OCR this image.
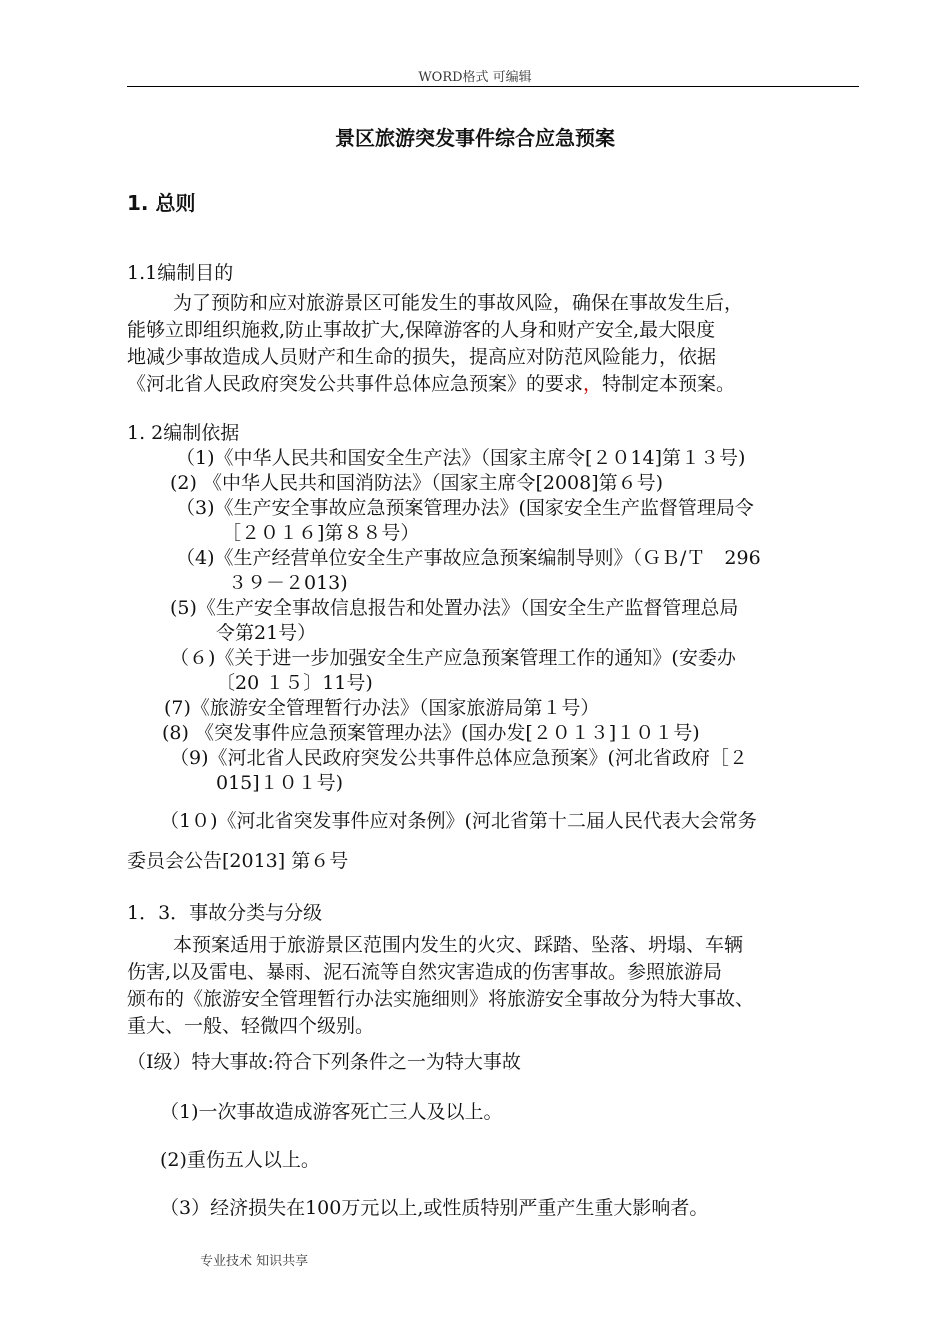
WORD格式 可编辑
景区旅游突发事件综合应急预案
1. 总则
1.1编制目的
为了预防和应对旅游景区可能发生的事故风险，确保在事故发生后，
能够立即组织施救,防止事故扩大,保障游客的人身和财产安全,最大限度
地减少事故造成人员财产和生命的损失，提高应对防范风险能力，依据
《河北省人民政府突发公共事件总体应急预案》的要求，特制定本预案。
1. 2编制依据
（1)《中华人民共和国安全生产法》（国家主席令[２０14]第１３号)
(2) 《中华人民共和国消防法》（国家主席令[2008]第６号)
（3)《生产安全事故应急预案管理办法》(国家安全生产监督管理局令
［２０１６]第８８号）
（4)《生产经营单位安全生产事故应急预案编制导则》（ＧＢ/Ｔ　296
３９－２013)
(5)《生产安全事故信息报告和处置办法》（国安全生产监督管理总局
令第21号）
（６)《关于进一步加强安全生产应急预案管理工作的通知》(安委办
〔20 １５〕11号)
(7)《旅游安全管理暂行办法》（国家旅游局第１号）
(8) 《突发事件应急预案管理办法》(国办发[２０１３]１０１号)
（9)《河北省人民政府突发公共事件总体应急预案》(河北省政府［２
015]１０１号)
（1０)《河北省突发事件应对条例》(河北省第十二届人民代表大会常务
委员会公告[2013] 第６号
1．3．事故分类与分级
本预案适用于旅游景区范围内发生的火灾、踩踏、坠落、坍塌、车辆
伤害,以及雷电、暴雨、泥石流等自然灾害造成的伤害事故。参照旅游局
颁布的《旅游安全管理暂行办法实施细则》将旅游安全事故分为特大事故、
重大、一般、轻微四个级别。
（Ⅰ级）特大事故:符合下列条件之一为特大事故
（1)一次事故造成游客死亡三人及以上。
(2)重伤五人以上。
（3）经济损失在100万元以上,或性质特别严重产生重大影响者。
专业技术 知识共享
